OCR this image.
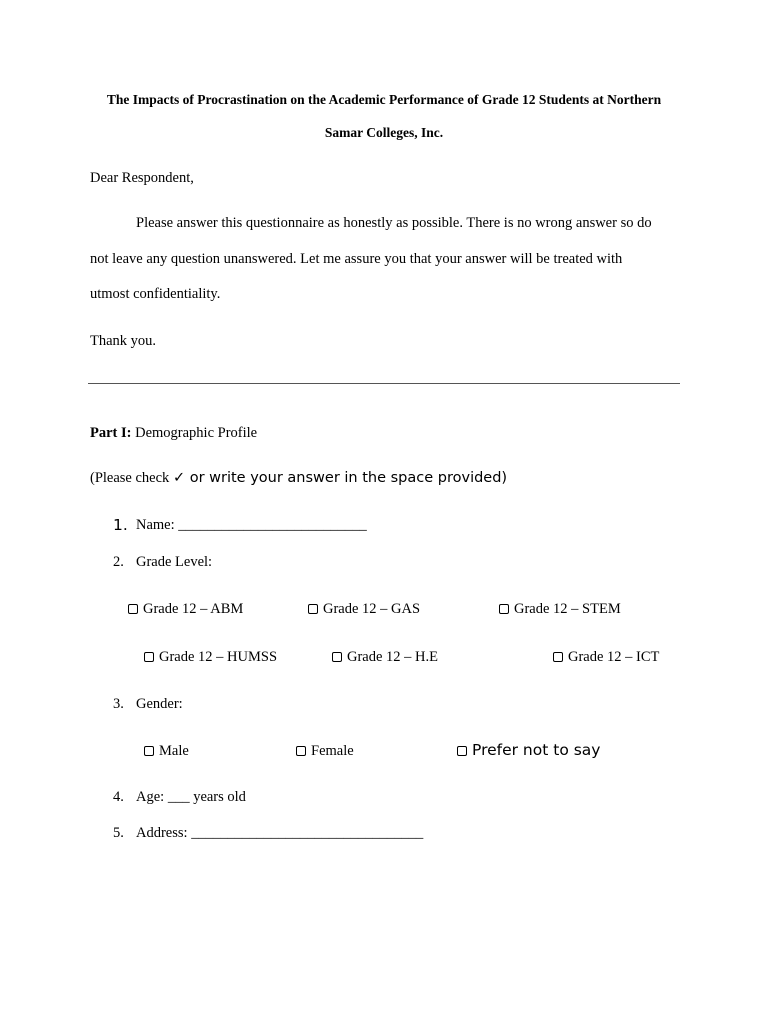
The Impacts of Procrastination on the Academic Performance of Grade 12 Students at Northern
Samar Colleges, Inc.
Dear Respondent,
Please answer this questionnaire as honestly as possible. There is no wrong answer so do
not leave any question unanswered. Let me assure you that your answer will be treated with
utmost confidentiality.
Thank you.
Part I: Demographic Profile
(Please check ✓ or write your answer in the space provided)
1. Name: __________________________
2. Grade Level:
Grade 12 – ABM	Grade 12 – GAS	Grade 12 – STEM
Grade 12 – HUMSS	Grade 12 – H.E	Grade 12 – ICT
3. Gender:
Male	Female	Prefer not to say
4. Age: ___ years old
5. Address: ________________________________
